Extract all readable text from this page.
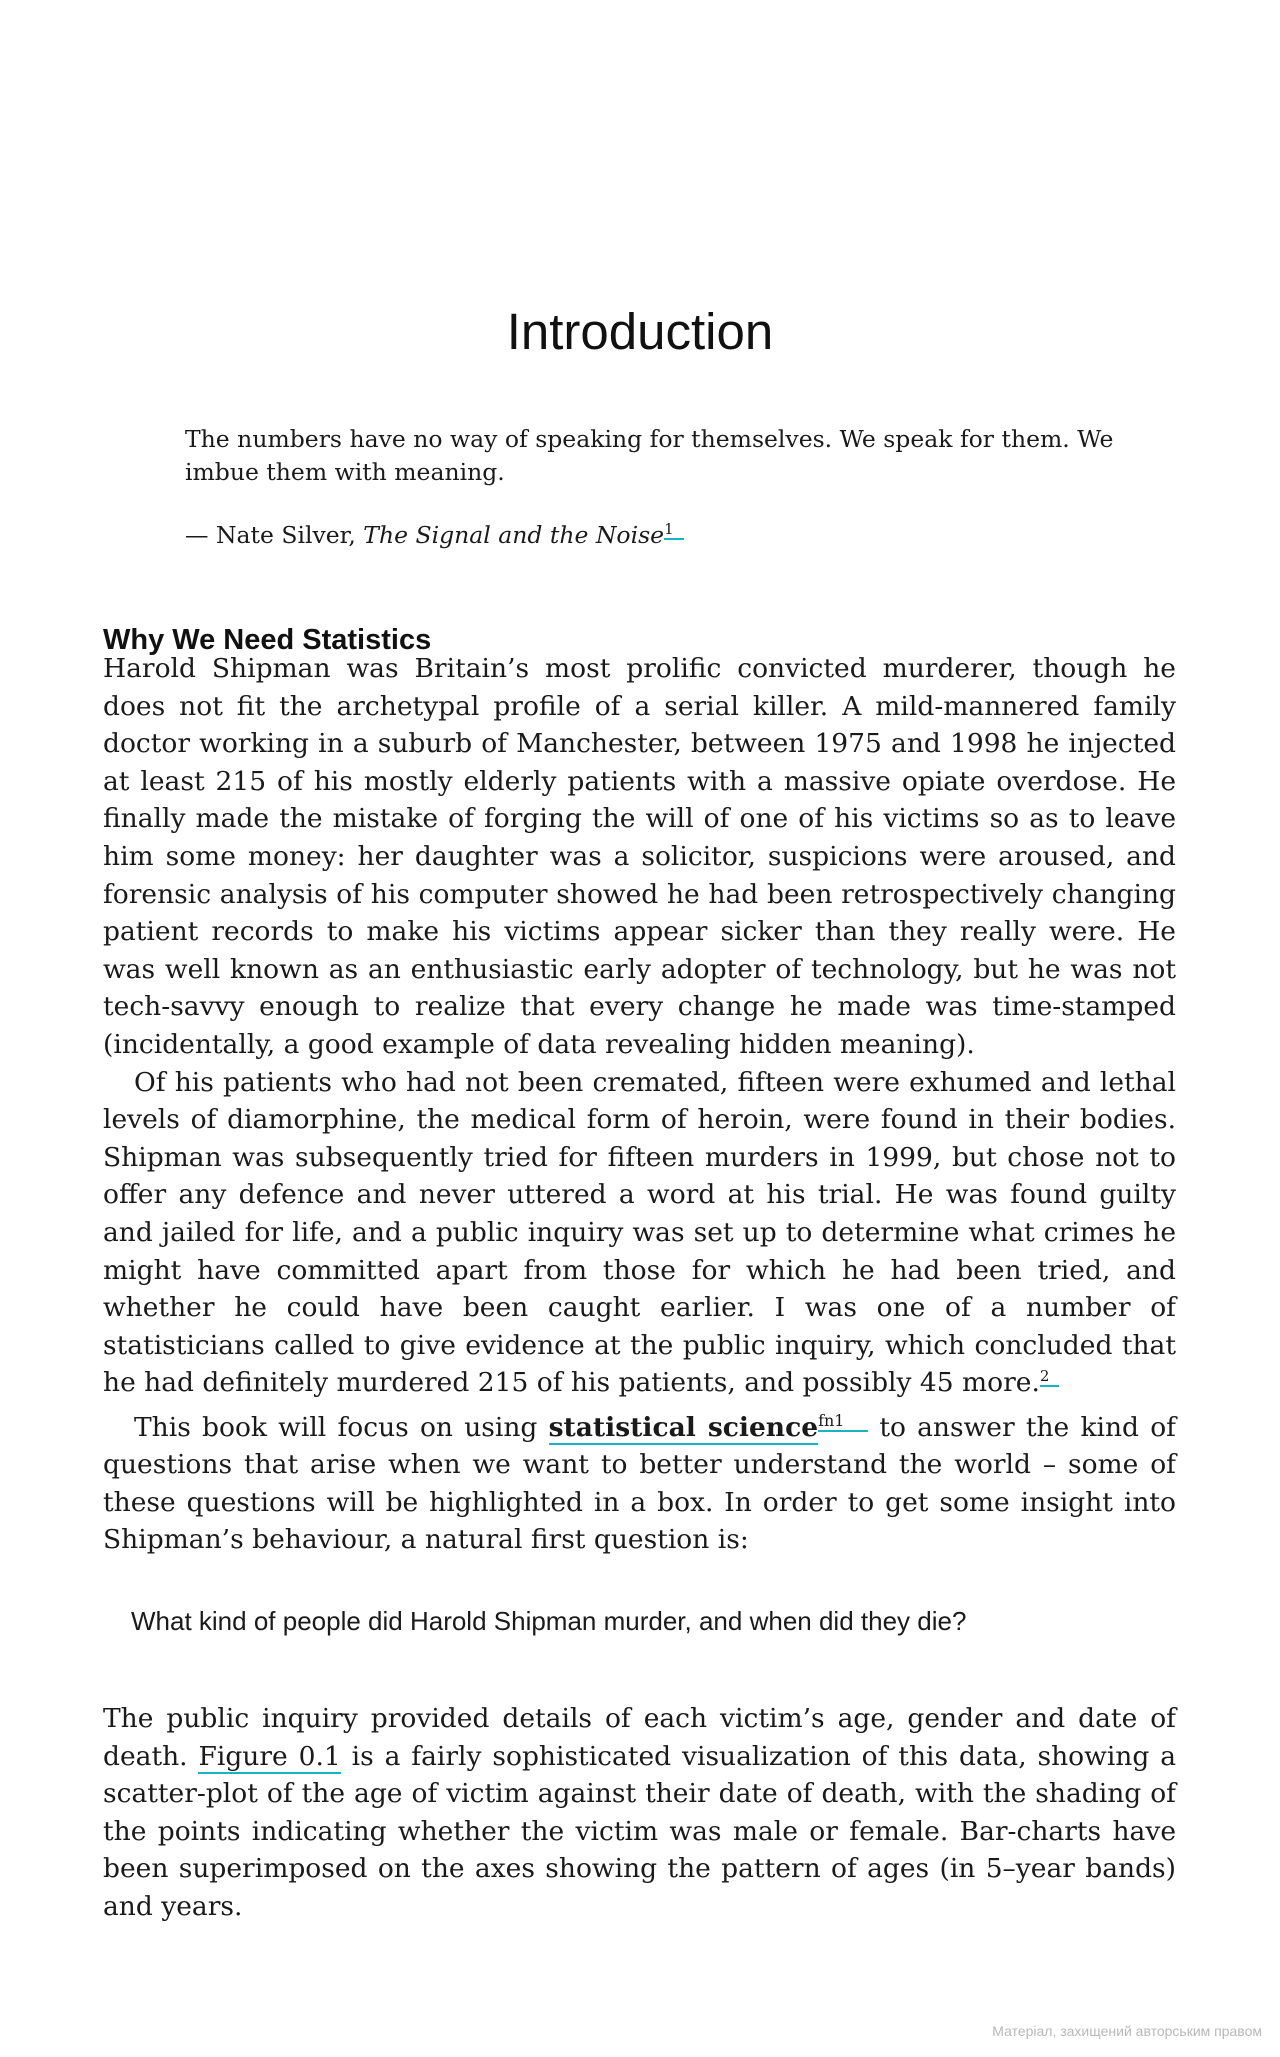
Introduction
The numbers have no way of speaking for themselves. We speak for them. We imbue them with meaning.
— Nate Silver, The Signal and the Noise$^1$
Why We Need Statistics

Harold Shipman was Britain’s most prolific convicted murderer, though he does not fit the archetypal profile of a serial killer. A mild-mannered family doctor working in a suburb of Manchester, between 1975 and 1998 he injected at least 215 of his mostly elderly patients with a massive opiate overdose. He finally made the mistake of forging the will of one of his victims so as to leave him some money: her daughter was a solicitor, suspicions were aroused, and forensic analysis of his computer showed he had been retrospectively changing patient records to make his victims appear sicker than they really were. He was well known as an enthusiastic early adopter of technology, but he was not tech-savvy enough to realize that every change he made was time-stamped (incidentally, a good example of data revealing hidden meaning).

Of his patients who had not been cremated, fifteen were exhumed and lethal levels of diamorphine, the medical form of heroin, were found in their bodies. Shipman was subsequently tried for fifteen murders in 1999, but chose not to offer any defence and never uttered a word at his trial. He was found guilty and jailed for life, and a public inquiry was set up to determine what crimes he might have committed apart from those for which he had been tried, and whether he could have been caught earlier. I was one of a number of statisticians called to give evidence at the public inquiry, which concluded that he had definitely murdered 215 of his patients, and possibly 45 more.$^2$

This book will focus on using statistical science$^{fn1}$    to answer the kind of questions that arise when we want to better understand the world – some of these questions will be highlighted in a box. In order to get some insight into Shipman’s behaviour, a natural first question is:

What kind of people did Harold Shipman murder, and when did they die?

The public inquiry provided details of each victim’s age, gender and date of death. Figure 0.1 is a fairly sophisticated visualization of this data, showing a scatter-plot of the age of victim against their date of death, with the shading of the points indicating whether the victim was male or female. Bar-charts have been superimposed on the axes showing the pattern of ages (in 5–year bands) and years.

Матеріал, захищений авторським правом
